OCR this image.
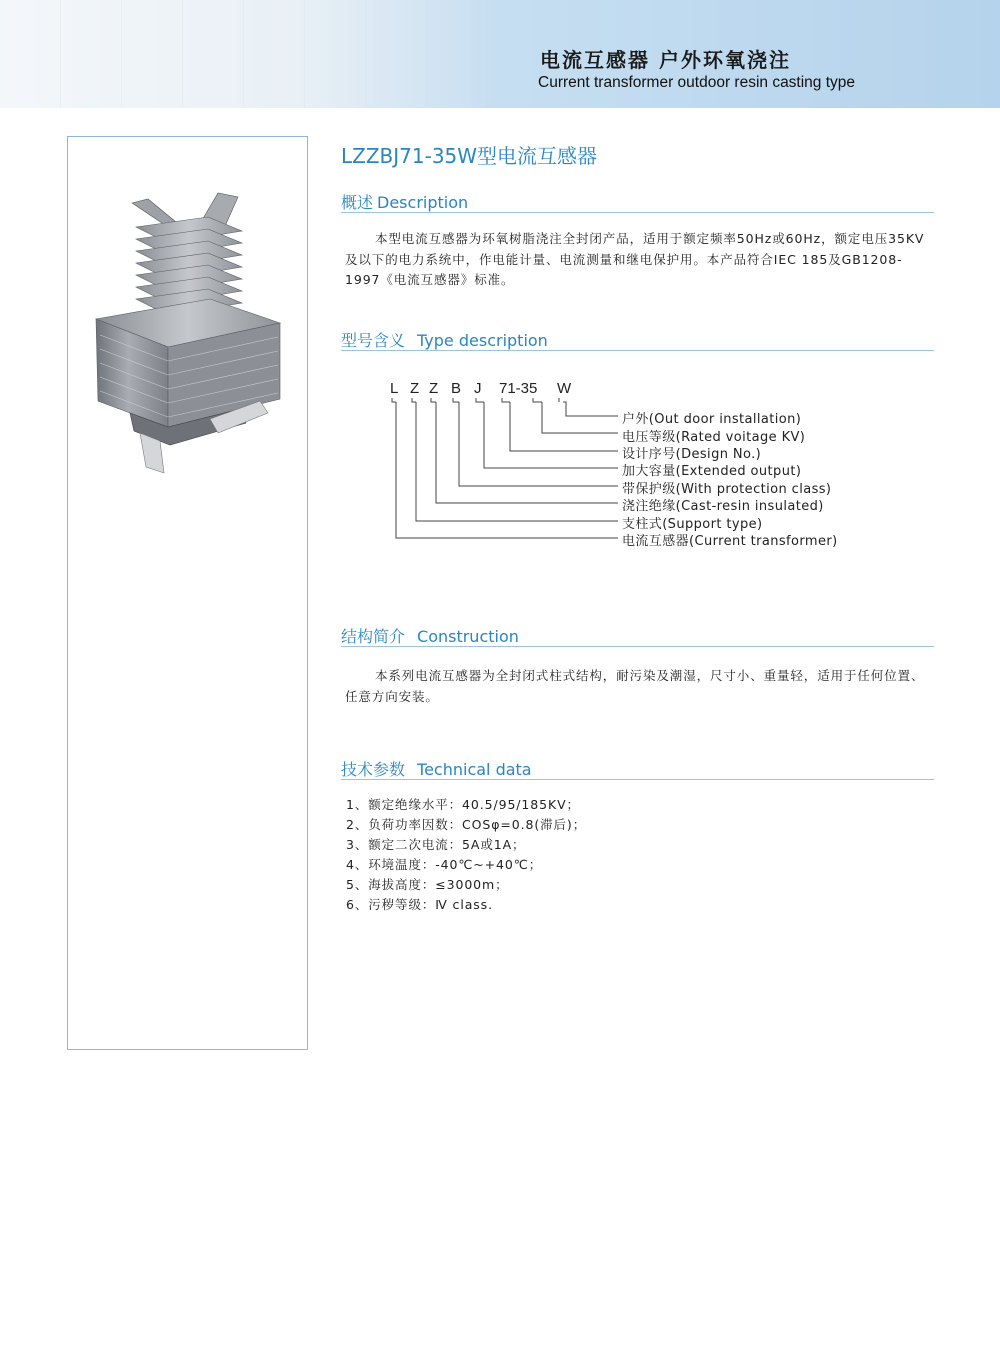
电流互感器 户外环氧浇注
Current transformer outdoor resin casting type
LZZBJ71-35W型电流互感器
概述 Description
本型电流互感器为环氧树脂浇注全封闭产品，适用于额定频率50Hz或60Hz，额定电压35KV及以下的电力系统中，作电能计量、电流测量和继电保护用。本产品符合IEC 185及GB1208-1997《电流互感器》标准。
型号含义 Type description
L Z Z B J 71-35 W
户外(Out door installation)
电压等级(Rated voitage KV)
设计序号(Design No.)
加大容量(Extended output)
带保护级(With protection class)
浇注绝缘(Cast-resin insulated)
支柱式(Support type)
电流互感器(Current transformer)
结构简介 Construction
本系列电流互感器为全封闭式柱式结构，耐污染及潮湿，尺寸小、重量轻，适用于任何位置、任意方向安装。
技术参数 Technical data
1、额定绝缘水平：40.5/95/185KV；
2、负荷功率因数：COSφ=0.8(滞后)；
3、额定二次电流：5A或1A；
4、环境温度：-40℃~+40℃；
5、海拔高度：≤3000m；
6、污秽等级：Ⅳ class.
